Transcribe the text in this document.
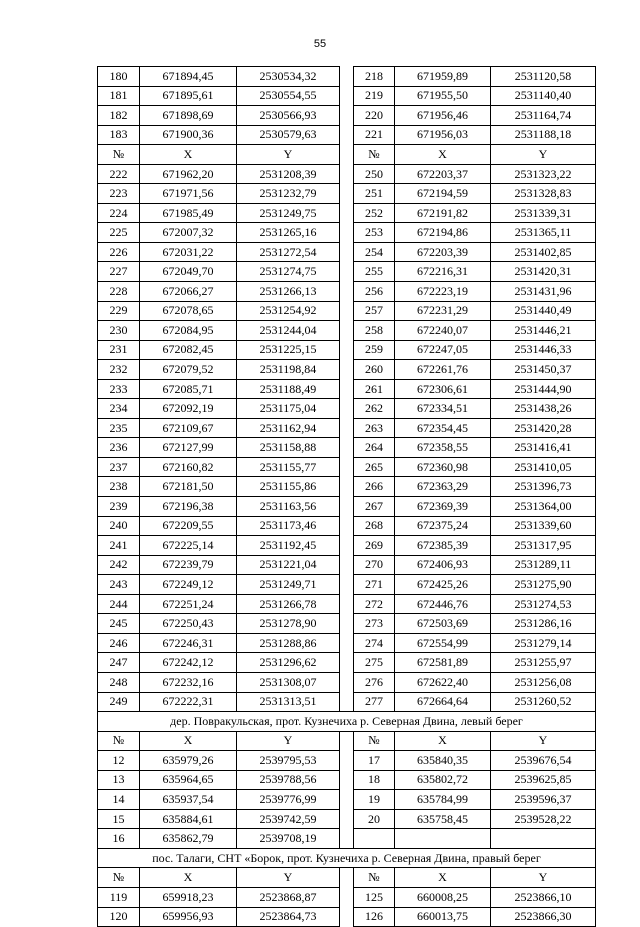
55
180	671894,45	2530534,32		218	671959,89	2531120,58
181	671895,61	2530554,55		219	671955,50	2531140,40
182	671898,69	2530566,93		220	671956,46	2531164,74
183	671900,36	2530579,63		221	671956,03	2531188,18
№	X	Y		№	X	Y
222	671962,20	2531208,39		250	672203,37	2531323,22
223	671971,56	2531232,79		251	672194,59	2531328,83
224	671985,49	2531249,75		252	672191,82	2531339,31
225	672007,32	2531265,16		253	672194,86	2531365,11
226	672031,22	2531272,54		254	672203,39	2531402,85
227	672049,70	2531274,75		255	672216,31	2531420,31
228	672066,27	2531266,13		256	672223,19	2531431,96
229	672078,65	2531254,92		257	672231,29	2531440,49
230	672084,95	2531244,04		258	672240,07	2531446,21
231	672082,45	2531225,15		259	672247,05	2531446,33
232	672079,52	2531198,84		260	672261,76	2531450,37
233	672085,71	2531188,49		261	672306,61	2531444,90
234	672092,19	2531175,04		262	672334,51	2531438,26
235	672109,67	2531162,94		263	672354,45	2531420,28
236	672127,99	2531158,88		264	672358,55	2531416,41
237	672160,82	2531155,77		265	672360,98	2531410,05
238	672181,50	2531155,86		266	672363,29	2531396,73
239	672196,38	2531163,56		267	672369,39	2531364,00
240	672209,55	2531173,46		268	672375,24	2531339,60
241	672225,14	2531192,45		269	672385,39	2531317,95
242	672239,79	2531221,04		270	672406,93	2531289,11
243	672249,12	2531249,71		271	672425,26	2531275,90
244	672251,24	2531266,78		272	672446,76	2531274,53
245	672250,43	2531278,90		273	672503,69	2531286,16
246	672246,31	2531288,86		274	672554,99	2531279,14
247	672242,12	2531296,62		275	672581,89	2531255,97
248	672232,16	2531308,07		276	672622,40	2531256,08
249	672222,31	2531313,51		277	672664,64	2531260,52
дер. Повракульская, прот. Кузнечиха р. Северная Двина, левый берег						
№	X	Y		№	X	Y
12	635979,26	2539795,53		17	635840,35	2539676,54
13	635964,65	2539788,56		18	635802,72	2539625,85
14	635937,54	2539776,99		19	635784,99	2539596,37
15	635884,61	2539742,59		20	635758,45	2539528,22
16	635862,79	2539708,19				
пос. Талаги, СНТ «Борок, прот. Кузнечиха р. Северная Двина, правый берег						
№	X	Y		№	X	Y
119	659918,23	2523868,87		125	660008,25	2523866,10
120	659956,93	2523864,73		126	660013,75	2523866,30
